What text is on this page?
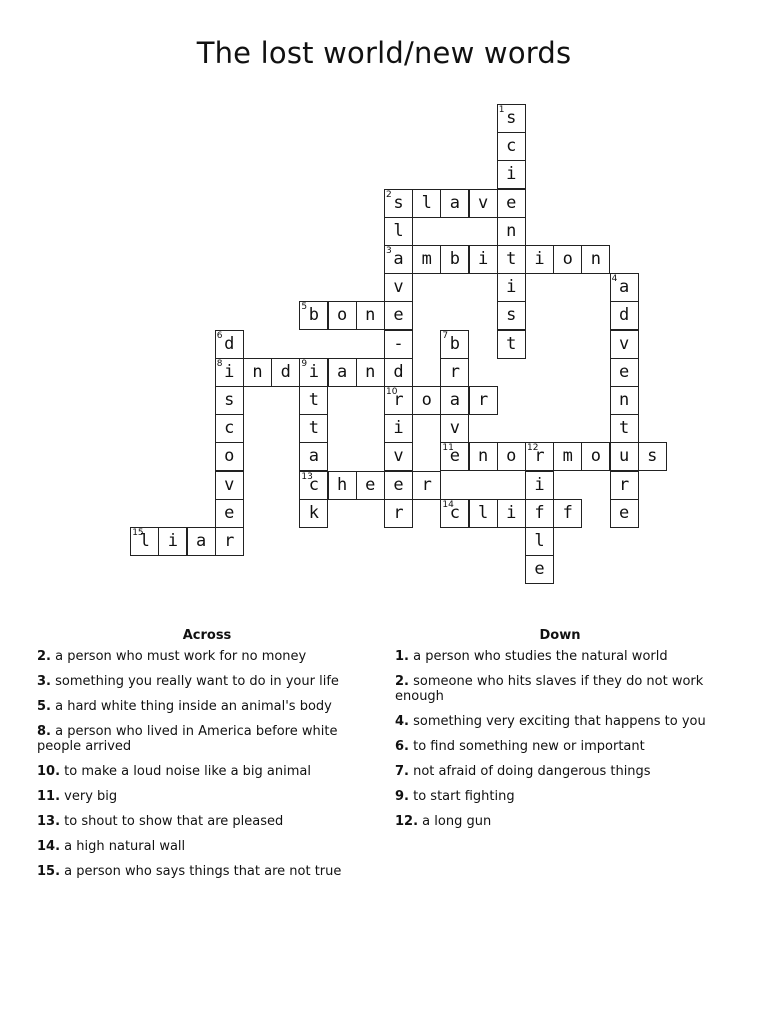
The lost world/new words
s
1
c
i
e
n
t
i
s
t
s
2	l	a	v
l
a
3
v
e
-
d
r
10
i
v
e
r
m	b	i	i	o	n
a
4
d
v
e
n
t
u
r
e
b
5	o	n
d
6
i
8
s
c
o
v
e
r
b
7
r
a
v
e
11
n	d	i
9	a	n
t
t
a
c
13
k
o	r
n	o	r
12	m	o	s
i
f
l
e
h	e	r
c
14	l	i	f
l
15	i	a
Across
2. a person who must work for no money
3. something you really want to do in your life
5. a hard white thing inside an animal's body
8. a person who lived in America before white people arrived
10. to make a loud noise like a big animal
11. very big
13. to shout to show that are pleased
14. a high natural wall
15. a person who says things that are not true
Down
1. a person who studies the natural world
2. someone who hits slaves if they do not work enough
4. something very exciting that happens to you
6. to find something new or important
7. not afraid of doing dangerous things
9. to start fighting
12. a long gun
